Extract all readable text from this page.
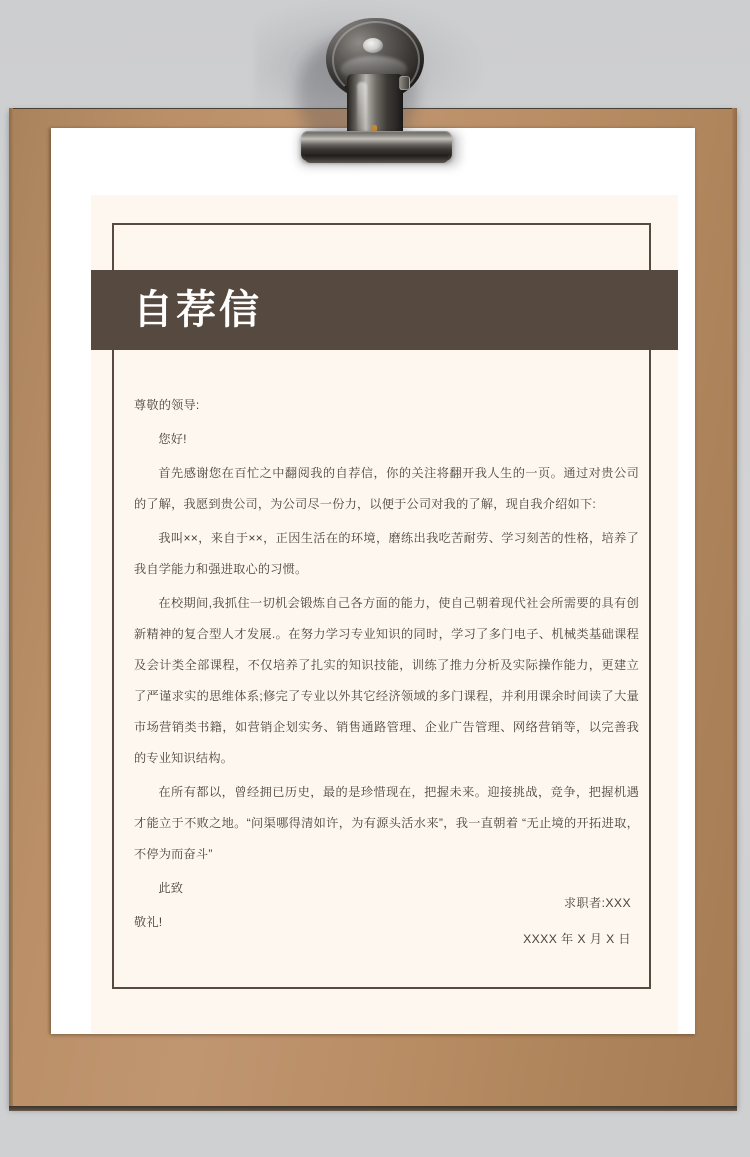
自荐信

尊敬的领导:

您好!

首先感谢您在百忙之中翻阅我的自荐信，你的关注将翻开我人生的一页。通过对贵公司的了解，我愿到贵公司，为公司尽一份力，以便于公司对我的了解，现自我介绍如下:

我叫××，来自于××，正因生活在的环境，磨练出我吃苦耐劳、学习刻苦的性格，培养了我自学能力和强进取心的习惯。

在校期间,我抓住一切机会锻炼自己各方面的能力，使自己朝着现代社会所需要的具有创新精神的复合型人才发展.。在努力学习专业知识的同时，学习了多门电子、机械类基础课程及会计类全部课程，不仅培养了扎实的知识技能，训练了推力分析及实际操作能力，更建立了严谨求实的思维体系;修完了专业以外其它经济领域的多门课程，并利用课余时间读了大量市场营销类书籍，如营销企划实务、销售通路管理、企业广告管理、网络营销等，以完善我的专业知识结构。

在所有都以，曾经拥已历史，最的是珍惜现在，把握未来。迎接挑战，竞争，把握机遇才能立于不败之地。“问渠哪得清如许，为有源头活水来”，我一直朝着 “无止境的开拓进取，不停为而奋斗”

此致

敬礼!

求职者:XXX

XXXX 年 X 月 X 日
